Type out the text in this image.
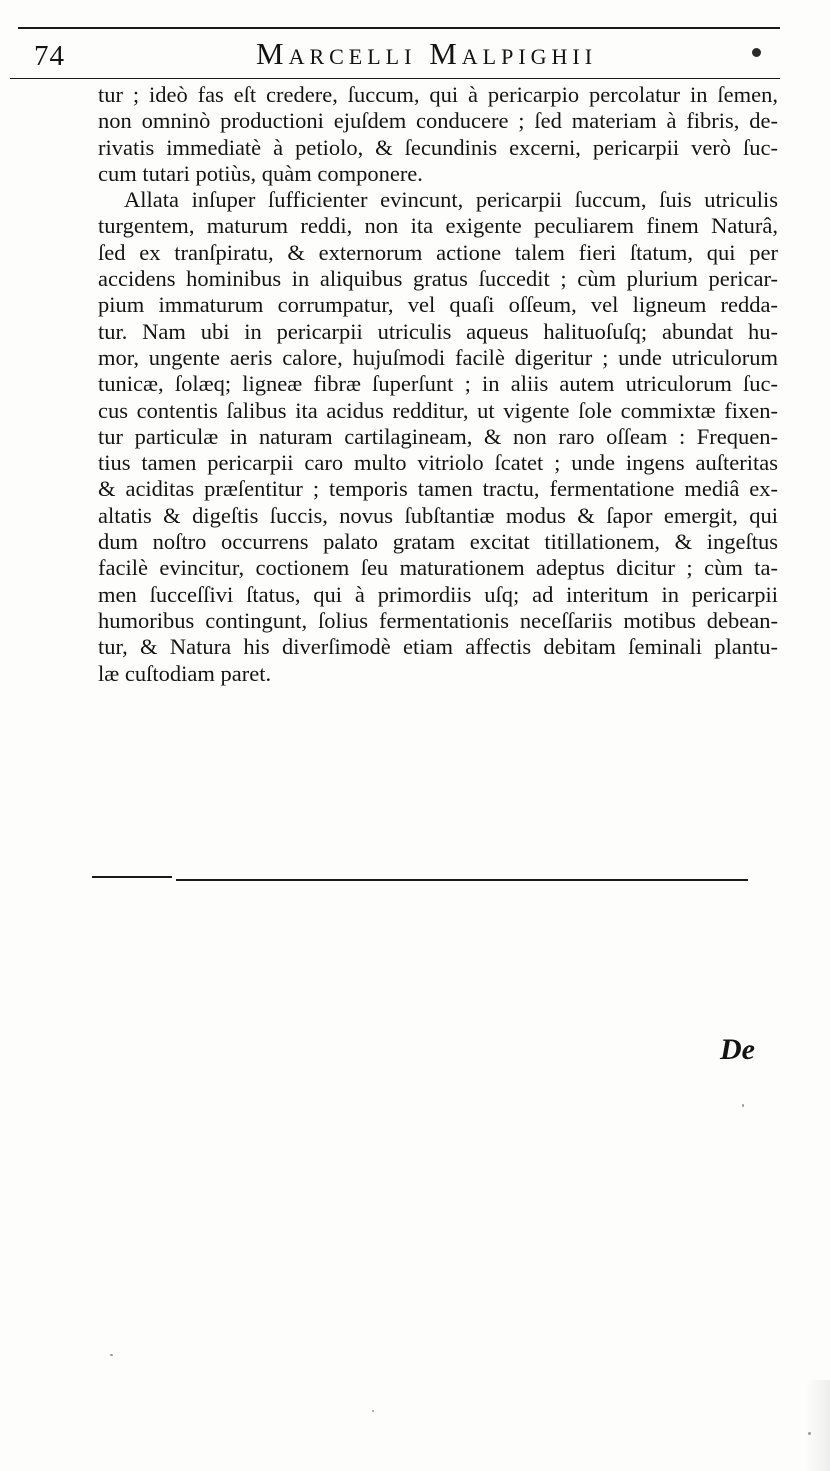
74	Marcelli Malpighii
tur ; ideò fas eſt credere, ſuccum, qui à pericarpio percolatur in ſemen,
non omninò productioni ejuſdem conducere ; ſed materiam à fibris, de-
rivatis immediatè à petiolo, & ſecundinis excerni, pericarpii verò ſuc-
cum tutari potiùs, quàm componere.
Allata inſuper ſufficienter evincunt, pericarpii ſuccum, ſuis utriculis
turgentem, maturum reddi, non ita exigente peculiarem finem Naturâ,
ſed ex tranſpiratu, & externorum actione talem fieri ſtatum, qui per
accidens hominibus in aliquibus gratus ſuccedit ; cùm plurium pericar-
pium immaturum corrumpatur, vel quaſi oſſeum, vel ligneum redda-
tur. Nam ubi in pericarpii utriculis aqueus halituoſuſq; abundat hu-
mor, ungente aeris calore, hujuſmodi facilè digeritur ; unde utriculorum
tunicæ, ſolæq; ligneæ fibræ ſuperſunt ; in aliis autem utriculorum ſuc-
cus contentis ſalibus ita acidus redditur, ut vigente ſole commixtæ fixen-
tur particulæ in naturam cartilagineam, & non raro oſſeam : Frequen-
tius tamen pericarpii caro multo vitriolo ſcatet ; unde ingens auſteritas
& aciditas præſentitur ; temporis tamen tractu, fermentatione mediâ ex-
altatis & digeſtis ſuccis, novus ſubſtantiæ modus & ſapor emergit, qui
dum noſtro occurrens palato gratam excitat titillationem, & ingeſtus
facilè evincitur, coctionem ſeu maturationem adeptus dicitur ; cùm ta-
men ſucceſſivi ſtatus, qui à primordiis uſq; ad interitum in pericarpii
humoribus contingunt, ſolius fermentationis neceſſariis motibus debean-
tur, & Natura his diverſimodè etiam affectis debitam ſeminali plantu-
læ cuſtodiam paret.
De
